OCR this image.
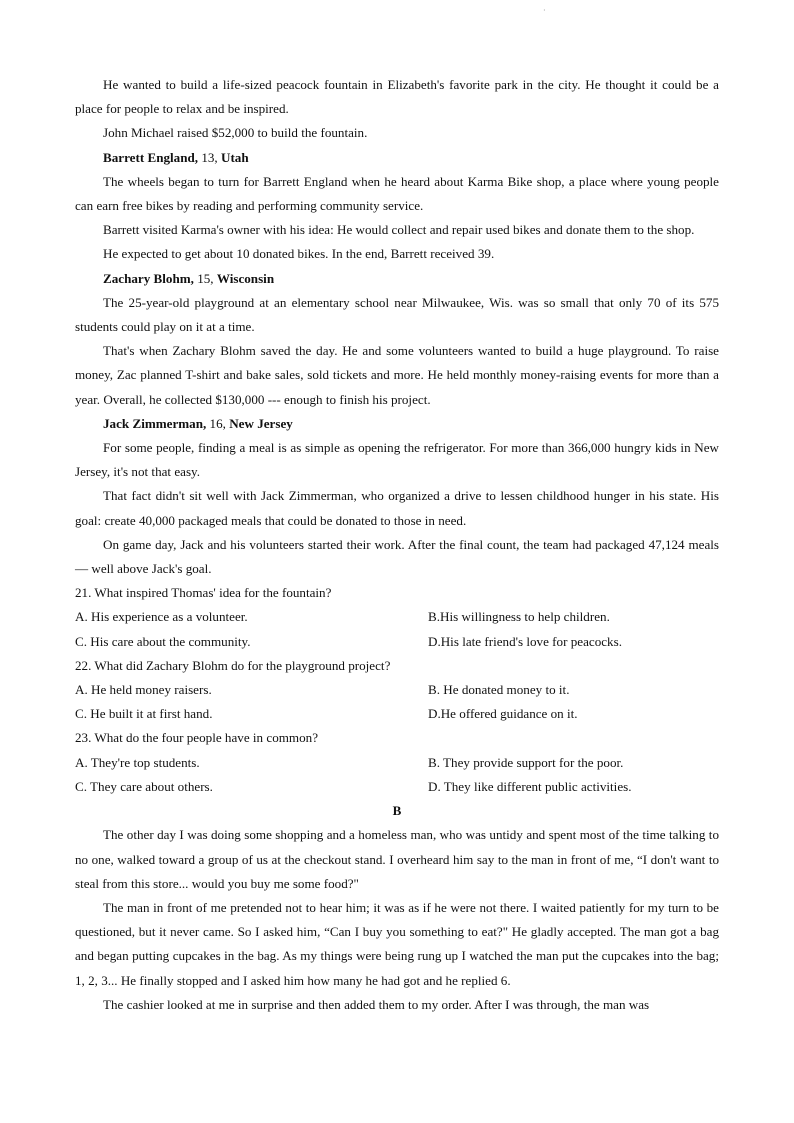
·

He wanted to build a life-sized peacock fountain in Elizabeth's favorite park in the city. He thought it could be a place for people to relax and be inspired.

John Michael raised $52,000 to build the fountain.

Barrett England, 13, Utah

The wheels began to turn for Barrett England when he heard about Karma Bike shop, a place where young people can earn free bikes by reading and performing community service.

Barrett visited Karma's owner with his idea: He would collect and repair used bikes and donate them to the shop.

He expected to get about 10 donated bikes. In the end, Barrett received 39.

Zachary Blohm, 15, Wisconsin

The 25-year-old playground at an elementary school near Milwaukee, Wis. was so small that only 70 of its 575 students could play on it at a time.

That's when Zachary Blohm saved the day. He and some volunteers wanted to build a huge playground. To raise money, Zac planned T-shirt and bake sales, sold tickets and more. He held monthly money-raising events for more than a year. Overall, he collected $130,000 --- enough to finish his project.

Jack Zimmerman, 16, New Jersey

For some people, finding a meal is as simple as opening the refrigerator. For more than 366,000 hungry kids in New Jersey, it's not that easy.

That fact didn't sit well with Jack Zimmerman, who organized a drive to lessen childhood hunger in his state. His goal: create 40,000 packaged meals that could be donated to those in need.

On game day, Jack and his volunteers started their work. After the final count, the team had packaged 47,124 meals — well above Jack's goal.

21. What inspired Thomas' idea for the fountain?

A. His experience as a volunteer.	B.His willingness to help children.
C. His care about the community.	D.His late friend's love for peacocks.

22. What did Zachary Blohm do for the playground project?

A. He held money raisers.	B. He donated money to it.
C. He built it at first hand.	D.He offered guidance on it.

23. What do the four people have in common?

A. They're top students.	B. They provide support for the poor.
C. They care about others.	D. They like different public activities.

B

The other day I was doing some shopping and a homeless man, who was untidy and spent most of the time talking to no one, walked toward a group of us at the checkout stand. I overheard him say to the man in front of me, “I don't want to steal from this store... would you buy me some food?"

The man in front of me pretended not to hear him; it was as if he were not there. I waited patiently for my turn to be questioned, but it never came. So I asked him, “Can I buy you something to eat?" He gladly accepted. The man got a bag and began putting cupcakes in the bag. As my things were being rung up I watched the man put the cupcakes into the bag; 1, 2, 3... He finally stopped and I asked him how many he had got and he replied 6.

The cashier looked at me in surprise and then added them to my order. After I was through, the man was
